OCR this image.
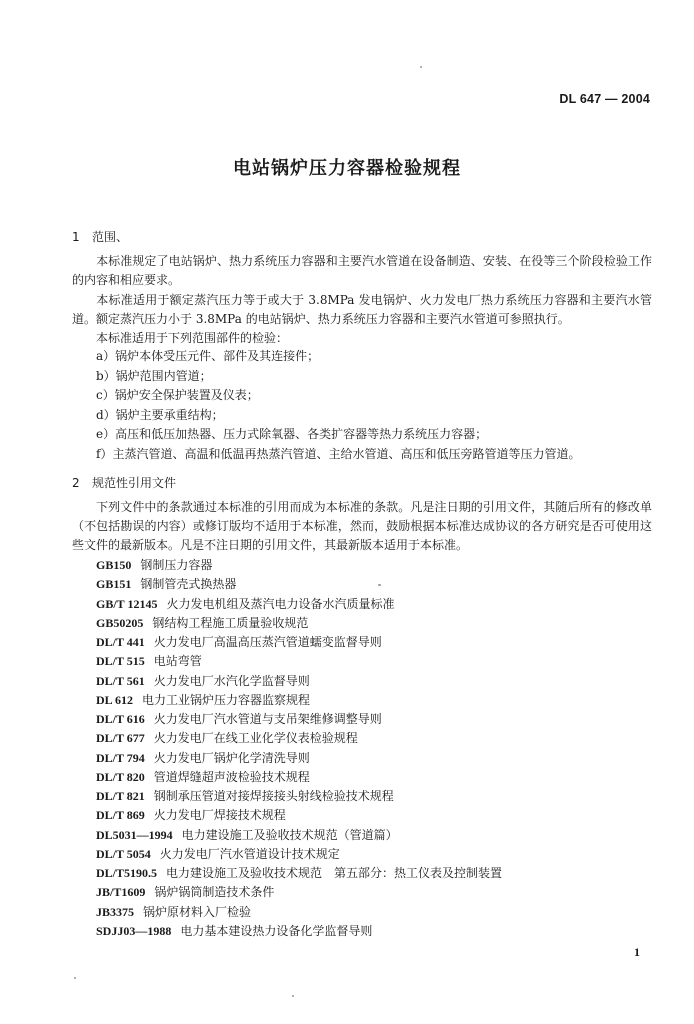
DL 647 — 2004
电站锅炉压力容器检验规程
1 范围、
本标准规定了电站锅炉、热力系统压力容器和主要汽水管道在设备制造、安装、在役等三个阶段检验工作的内容和相应要求。
本标准适用于额定蒸汽压力等于或大于 3.8MPa 发电锅炉、火力发电厂热力系统压力容器和主要汽水管道。额定蒸汽压力小于 3.8MPa 的电站锅炉、热力系统压力容器和主要汽水管道可参照执行。
本标准适用于下列范围部件的检验：
a）锅炉本体受压元件、部件及其连接件；
b）锅炉范围内管道；
c）锅炉安全保护装置及仪表；
d）锅炉主要承重结构；
e）高压和低压加热器、压力式除氧器、各类扩容器等热力系统压力容器；
f）主蒸汽管道、高温和低温再热蒸汽管道、主给水管道、高压和低压旁路管道等压力管道。
2 规范性引用文件
下列文件中的条款通过本标准的引用而成为本标准的条款。凡是注日期的引用文件，其随后所有的修改单（不包括勘误的内容）或修订版均不适用于本标准，然而，鼓励根据本标准达成协议的各方研究是否可使用这些文件的最新版本。凡是不注日期的引用文件，其最新版本适用于本标准。
GB150 钢制压力容器
GB151 钢制管壳式换热器
GB/T 12145 火力发电机组及蒸汽电力设备水汽质量标准
GB50205 钢结构工程施工质量验收规范
DL/T 441 火力发电厂高温高压蒸汽管道蠕变监督导则
DL/T 515 电站弯管
DL/T 561 火力发电厂水汽化学监督导则
DL 612 电力工业锅炉压力容器监察规程
DL/T 616 火力发电厂汽水管道与支吊架维修调整导则
DL/T 677 火力发电厂在线工业化学仪表检验规程
DL/T 794 火力发电厂锅炉化学清洗导则
DL/T 820 管道焊缝超声波检验技术规程
DL/T 821 钢制承压管道对接焊接接头射线检验技术规程
DL/T 869 火力发电厂焊接技术规程
DL5031—1994 电力建设施工及验收技术规范（管道篇）
DL/T 5054 火力发电厂汽水管道设计技术规定
DL/T5190.5 电力建设施工及验收技术规范　第五部分：热工仪表及控制装置
JB/T1609 锅炉锅筒制造技术条件
JB3375 锅炉原材料入厂检验
SDJJ03—1988 电力基本建设热力设备化学监督导则
1
